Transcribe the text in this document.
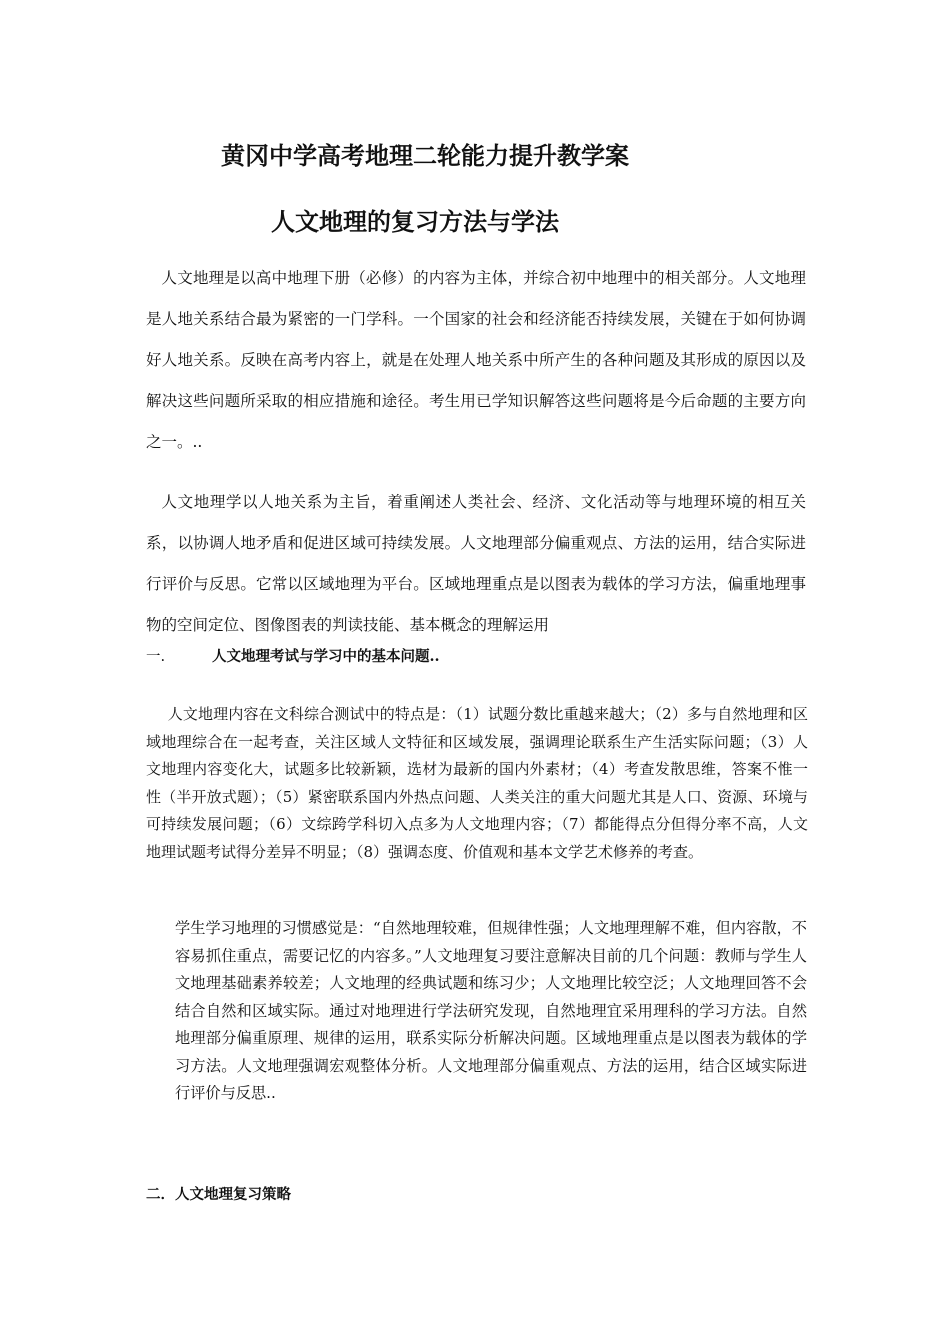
黄冈中学高考地理二轮能力提升教学案
人文地理的复习方法与学法

人文地理是以高中地理下册（必修）的内容为主体，并综合初中地理中的相关部分。人文地理是人地关系结合最为紧密的一门学科。一个国家的社会和经济能否持续发展，关键在于如何协调好人地关系。反映在高考内容上，就是在处理人地关系中所产生的各种问题及其形成的原因以及解决这些问题所采取的相应措施和途径。考生用已学知识解答这些问题将是今后命题的主要方向之一。..

人文地理学以人地关系为主旨，着重阐述人类社会、经济、文化活动等与地理环境的相互关系，以协调人地矛盾和促进区域可持续发展。人文地理部分偏重观点、方法的运用，结合实际进行评价与反思。它常以区域地理为平台。区域地理重点是以图表为载体的学习方法，偏重地理事物的空间定位、图像图表的判读技能、基本概念的理解运用

一.	人文地理考试与学习中的基本问题..

人文地理内容在文科综合测试中的特点是：（1）试题分数比重越来越大；（2）多与自然地理和区域地理综合在一起考查，关注区域人文特征和区域发展，强调理论联系生产生活实际问题；（3）人文地理内容变化大，试题多比较新颖，选材为最新的国内外素材；（4）考查发散思维，答案不惟一性（半开放式题）；（5）紧密联系国内外热点问题、人类关注的重大问题尤其是人口、资源、环境与可持续发展问题；（6）文综跨学科切入点多为人文地理内容；（7）都能得点分但得分率不高，人文地理试题考试得分差异不明显；（8）强调态度、价值观和基本文学艺术修养的考查。

学生学习地理的习惯感觉是：“自然地理较难，但规律性强；人文地理理解不难，但内容散，不容易抓住重点，需要记忆的内容多。”人文地理复习要注意解决目前的几个问题：教师与学生人文地理基础素养较差；人文地理的经典试题和练习少；人文地理比较空泛；人文地理回答不会结合自然和区域实际。通过对地理进行学法研究发现，自然地理宜采用理科的学习方法。自然地理部分偏重原理、规律的运用，联系实际分析解决问题。区域地理重点是以图表为载体的学习方法。人文地理强调宏观整体分析。人文地理部分偏重观点、方法的运用，结合区域实际进行评价与反思..

二．人文地理复习策略
